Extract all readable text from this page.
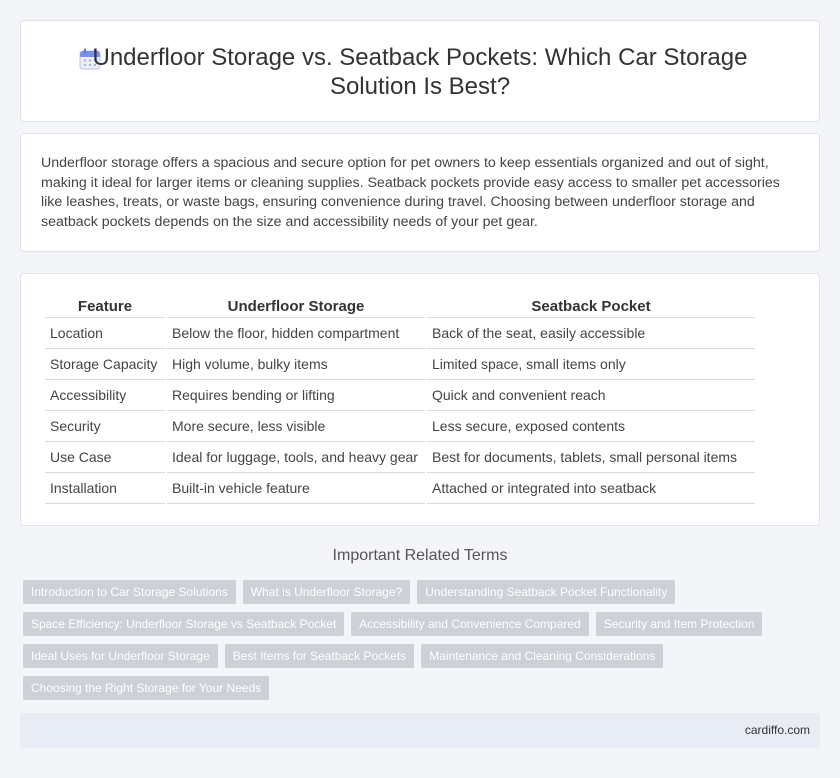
Underfloor Storage vs. Seatback Pockets: Which Car Storage Solution Is Best?

Underfloor storage offers a spacious and secure option for pet owners to keep essentials organized and out of sight, making it ideal for larger items or cleaning supplies. Seatback pockets provide easy access to smaller pet accessories like leashes, treats, or waste bags, ensuring convenience during travel. Choosing between underfloor storage and seatback pockets depends on the size and accessibility needs of your pet gear.

Feature	Underfloor Storage	Seatback Pocket
Location	Below the floor, hidden compartment	Back of the seat, easily accessible
Storage Capacity	High volume, bulky items	Limited space, small items only
Accessibility	Requires bending or lifting	Quick and convenient reach
Security	More secure, less visible	Less secure, exposed contents
Use Case	Ideal for luggage, tools, and heavy gear	Best for documents, tablets, small personal items
Installation	Built-in vehicle feature	Attached or integrated into seatback
Important Related Terms
Introduction to Car Storage Solutions	What is Underfloor Storage?	Understanding Seatback Pocket Functionality
Space Efficiency: Underfloor Storage vs Seatback Pocket	Accessibility and Convenience Compared	Security and Item Protection
Ideal Uses for Underfloor Storage	Best Items for Seatback Pockets	Maintenance and Cleaning Considerations
Choosing the Right Storage for Your Needs
cardiffo.com
